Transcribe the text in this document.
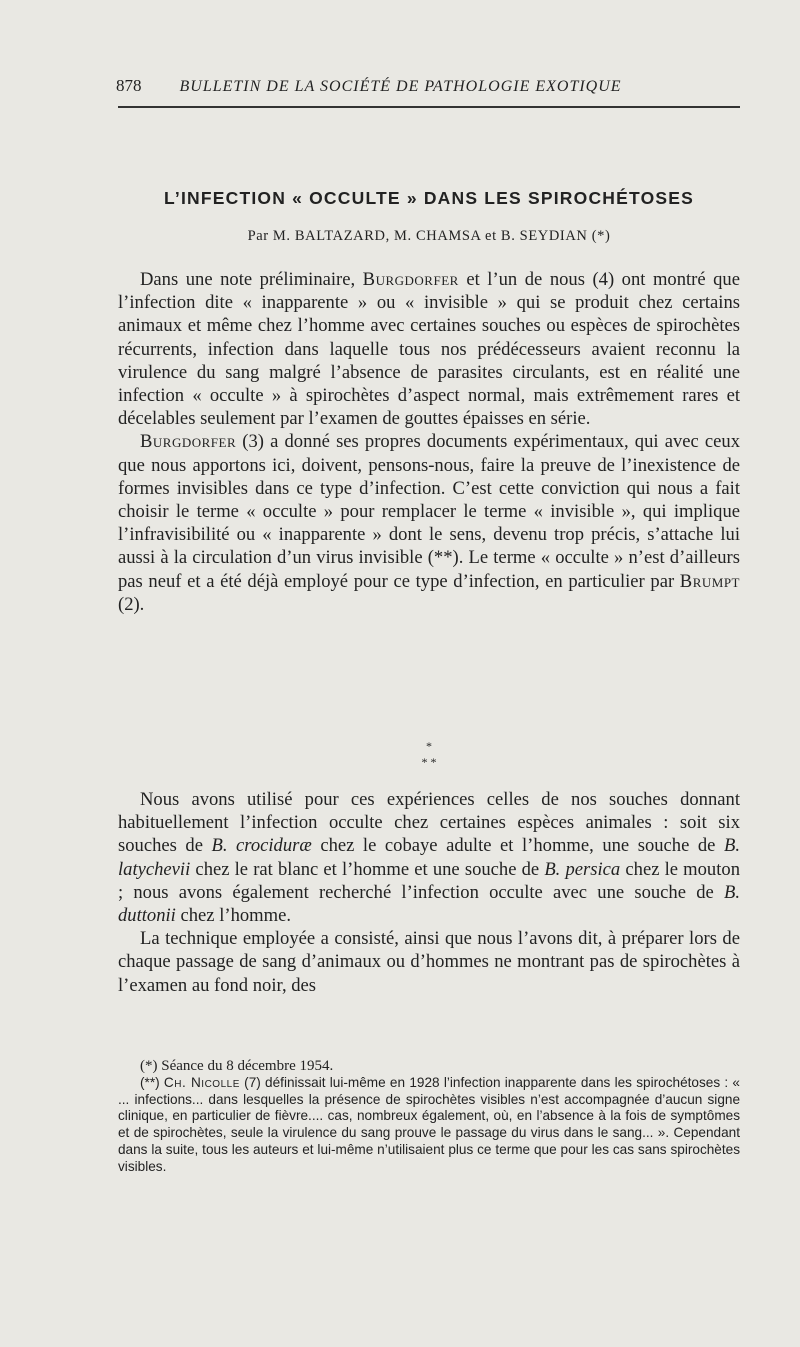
878 BULLETIN DE LA SOCIÉTÉ DE PATHOLOGIE EXOTIQUE
L’INFECTION « OCCULTE » DANS LES SPIROCHÉTOSES
Par M. BALTAZARD, M. CHAMSA et B. SEYDIAN (*)

Dans une note préliminaire, Burgdorfer et l’un de nous (4) ont montré que l’infection dite « inapparente » ou « invisible » qui se produit chez certains animaux et même chez l’homme avec certaines souches ou espèces de spirochètes récurrents, infection dans laquelle tous nos prédécesseurs avaient reconnu la virulence du sang malgré l’absence de parasites circulants, est en réalité une infection « occulte » à spirochètes d’aspect normal, mais extrêmement rares et décelables seulement par l’examen de gouttes épaisses en série.

Burgdorfer (3) a donné ses propres documents expérimentaux, qui avec ceux que nous apportons ici, doivent, pensons-nous, faire la preuve de l’inexistence de formes invisibles dans ce type d’infection. C’est cette conviction qui nous a fait choisir le terme « occulte » pour remplacer le terme « invisible », qui implique l’infravisibilité ou « inapparente » dont le sens, devenu trop précis, s’attache lui aussi à la circulation d’un virus invisible (**). Le terme « occulte » n’est d’ailleurs pas neuf et a été déjà employé pour ce type d’infection, en particulier par Brumpt (2).

*
* *

Nous avons utilisé pour ces expériences celles de nos souches donnant habituellement l’infection occulte chez certaines espèces animales : soit six souches de B. crociduræ chez le cobaye adulte et l’homme, une souche de B. latychevii chez le rat blanc et l’homme et une souche de B. persica chez le mouton ; nous avons également recherché l’infection occulte avec une souche de B. duttonii chez l’homme.

La technique employée a consisté, ainsi que nous l’avons dit, à préparer lors de chaque passage de sang d’animaux ou d’hommes ne montrant pas de spirochètes à l’examen au fond noir, des

(*) Séance du 8 décembre 1954.

(**) Ch. Nicolle (7) définissait lui-même en 1928 l’infection inapparente dans les spirochétoses : « ... infections... dans lesquelles la présence de spirochètes visibles n’est accompagnée d’aucun signe clinique, en particulier de fièvre.... cas, nombreux également, où, en l’absence à la fois de symptômes et de spirochètes, seule la virulence du sang prouve le passage du virus dans le sang... ». Cependant dans la suite, tous les auteurs et lui-même n’utilisaient plus ce terme que pour les cas sans spirochètes visibles.
